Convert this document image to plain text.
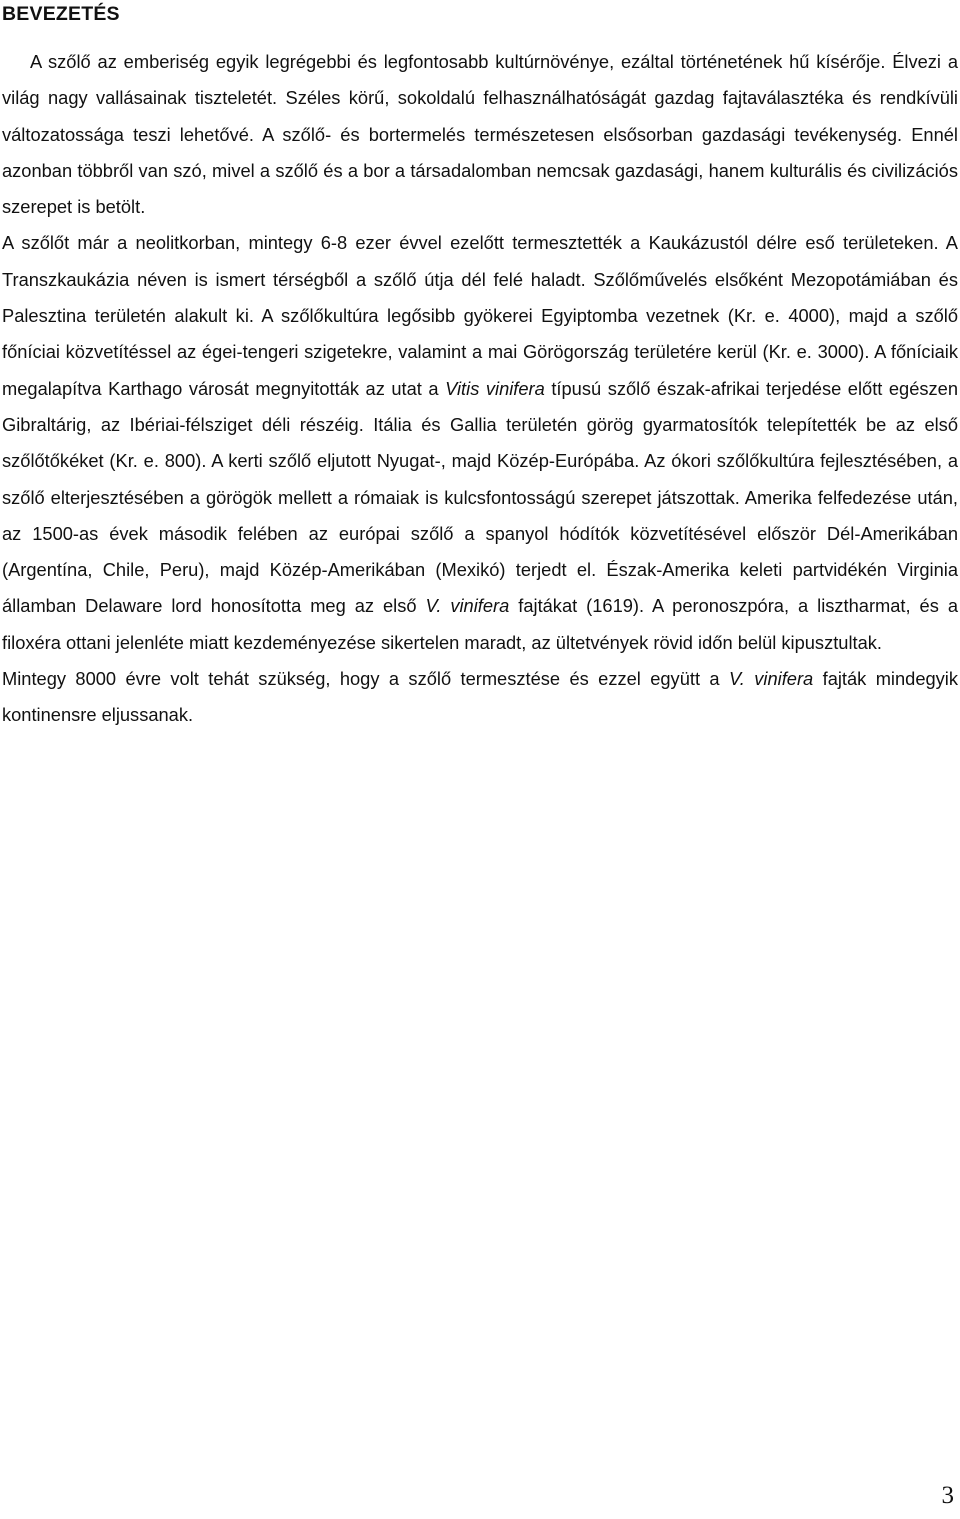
BEVEZETÉS

A szőlő az emberiség egyik legrégebbi és legfontosabb kultúrnövénye, ezáltal történetének hű kísérője. Élvezi a világ nagy vallásainak tiszteletét. Széles körű, sokoldalú felhasználhatóságát gazdag fajtaválasztéka és rendkívüli változatossága teszi lehetővé. A szőlő- és bortermelés természetesen elsősorban gazdasági tevékenység. Ennél azonban többről van szó, mivel a szőlő és a bor a társadalomban nemcsak gazdasági, hanem kulturális és civilizációs szerepet is betölt.

A szőlőt már a neolitkorban, mintegy 6-8 ezer évvel ezelőtt termesztették a Kaukázustól délre eső területeken. A Transzkaukázia néven is ismert térségből a szőlő útja dél felé haladt. Szőlőművelés elsőként Mezopotámiában és Palesztina területén alakult ki. A szőlőkultúra legősibb gyökerei Egyiptomba vezetnek (Kr. e. 4000), majd a szőlő főníciai közvetítéssel az égei-tengeri szigetekre, valamint a mai Görögország területére kerül (Kr. e. 3000). A főníciaik megalapítva Karthago városát megnyitották az utat a Vitis vinifera típusú szőlő észak-afrikai terjedése előtt egészen Gibraltárig, az Ibériai-félsziget déli részéig. Itália és Gallia területén görög gyarmatosítók telepítették be az első szőlőtőkéket (Kr. e. 800). A kerti szőlő eljutott Nyugat-, majd Közép-Európába. Az ókori szőlőkultúra fejlesztésében, a szőlő elterjesztésében a görögök mellett a rómaiak is kulcsfontosságú szerepet játszottak. Amerika felfedezése után, az 1500-as évek második felében az európai szőlő a spanyol hódítók közvetítésével először Dél-Amerikában (Argentína, Chile, Peru), majd Közép-Amerikában (Mexikó) terjedt el. Észak-Amerika keleti partvidékén Virginia államban Delaware lord honosította meg az első V. vinifera fajtákat (1619). A peronoszpóra, a lisztharmat, és a filoxéra ottani jelenléte miatt kezdeményezése sikertelen maradt, az ültetvények rövid időn belül kipusztultak.

Mintegy 8000 évre volt tehát szükség, hogy a szőlő termesztése és ezzel együtt a V. vinifera fajták mindegyik kontinensre eljussanak.

3
